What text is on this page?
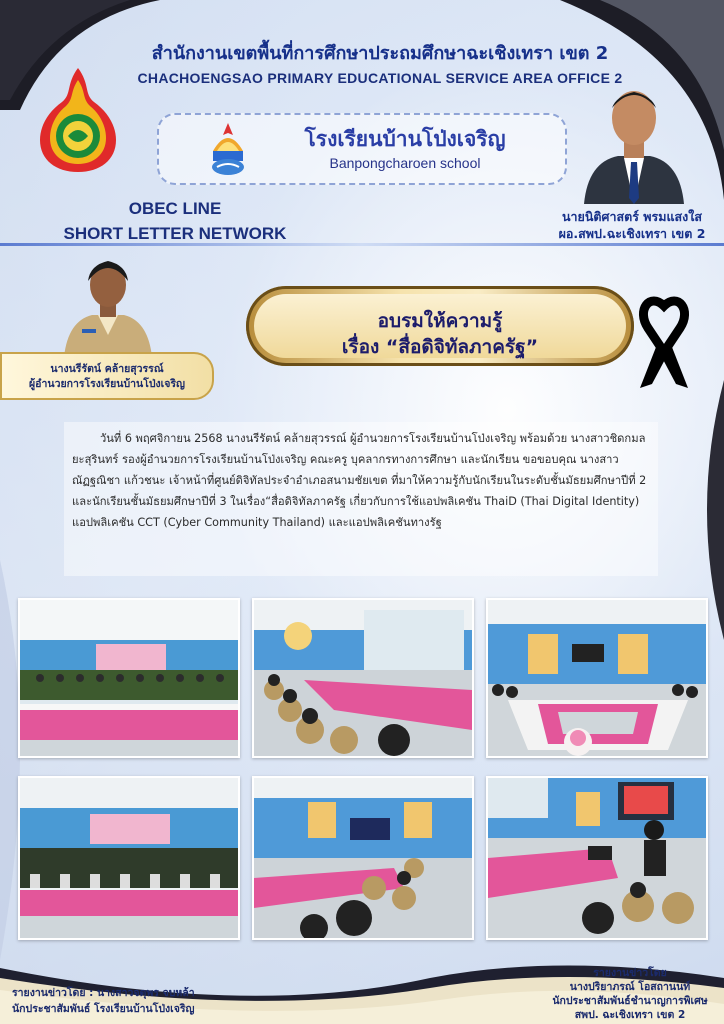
สำนักงานเขตพื้นที่การศึกษาประถมศึกษาฉะเชิงเทรา เขต 2
CHACHOENGSAO PRIMARY EDUCATIONAL SERVICE AREA OFFICE 2
โรงเรียนบ้านโป่งเจริญ
Banpongcharoen school
OBEC LINE
SHORT LETTER NETWORK
นายนิติศาสตร์ พรมแสงใส
ผอ.สพป.ฉะเชิงเทรา เขต 2
นางนรีรัตน์ คล้ายสุวรรณ์
ผู้อำนวยการโรงเรียนบ้านโป่งเจริญ
อบรมให้ความรู้
เรื่อง “สื่อดิจิทัลภาครัฐ”

วันที่ 6 พฤศจิกายน 2568 นางนรีรัตน์ คล้ายสุวรรณ์ ผู้อำนวยการโรงเรียนบ้านโป่งเจริญ พร้อมด้วย นางสาวชิดกมล ยะสุรินทร์ รองผู้อำนวยการโรงเรียนบ้านโป่งเจริญ คณะครู บุคลากรทางการศึกษา และนักเรียน ขอขอบคุณ นางสาวณัฏฐณิชา แก้วชนะ เจ้าหน้าที่ศูนย์ดิจิทัลประจำอำเภอสนามชัยเขต ที่มาให้ความรู้กับนักเรียนในระดับชั้นมัธยมศึกษาปีที่ 2 และนักเรียนชั้นมัธยมศึกษาปีที่ 3 ในเรื่อง“สื่อดิจิทัลภาครัฐ เกี่ยวกับการใช้แอปพลิเคชัน ThaiD (Thai Digital Identity) แอปพลิเคชัน CCT (Cyber Community Thailand) และแอปพลิเคชันทางรัฐ

รายงานข่าวโดย : นางสาวจตุพร จบหล้า
นักประชาสัมพันธ์ โรงเรียนบ้านโป่งเจริญ
รายงานข่าวโดย
นางปริยาภรณ์ โอสถานนท์
นักประชาสัมพันธ์ชำนาญการพิเศษ
สพป. ฉะเชิงเทรา เขต 2
